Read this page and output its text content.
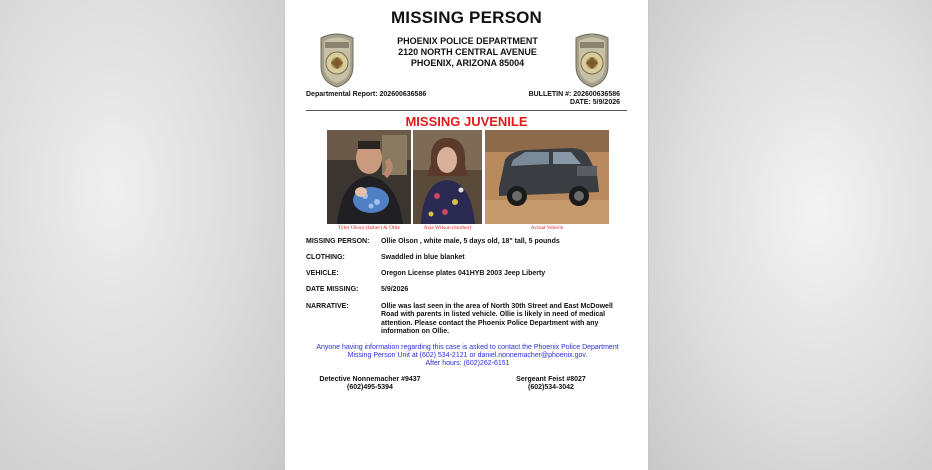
MISSING PERSON
PHOENIX POLICE DEPARTMENT
2120 NORTH CENTRAL AVENUE
PHOENIX, ARIZONA 85004
Departmental Report: 202600636586	BULLETIN #: 202600636586
DATE: 5/9/2026
MISSING JUVENILE
Tyler Olson (father) & Ollie	Asia Wilson (mother)	Actual Vehicle
MISSING PERSON: Ollie Olson , white male, 5 days old, 18" tall, 5 pounds
CLOTHING:	Swaddled in blue blanket
VEHICLE:	Oregon License plates 041HYB 2003 Jeep Liberty
DATE MISSING:	5/9/2026
NARRATIVE:	Ollie was last seen in the area of North 30th Street and East McDowell Road with parents in listed vehicle. Ollie is likely in need of medical attention. Please contact the Phoenix Police Department with any information on Ollie.
Anyone having information regarding this case is asked to contact the Phoenix Police Department
Missing Person Unit at (602) 534-2121 or daniel.nonnemacher@phoenix.gov.
After hours: (602)262-6151
Detective Nonnemacher #9437
(602)495-5394
Sergeant Feist #8027
(602)534-3042
